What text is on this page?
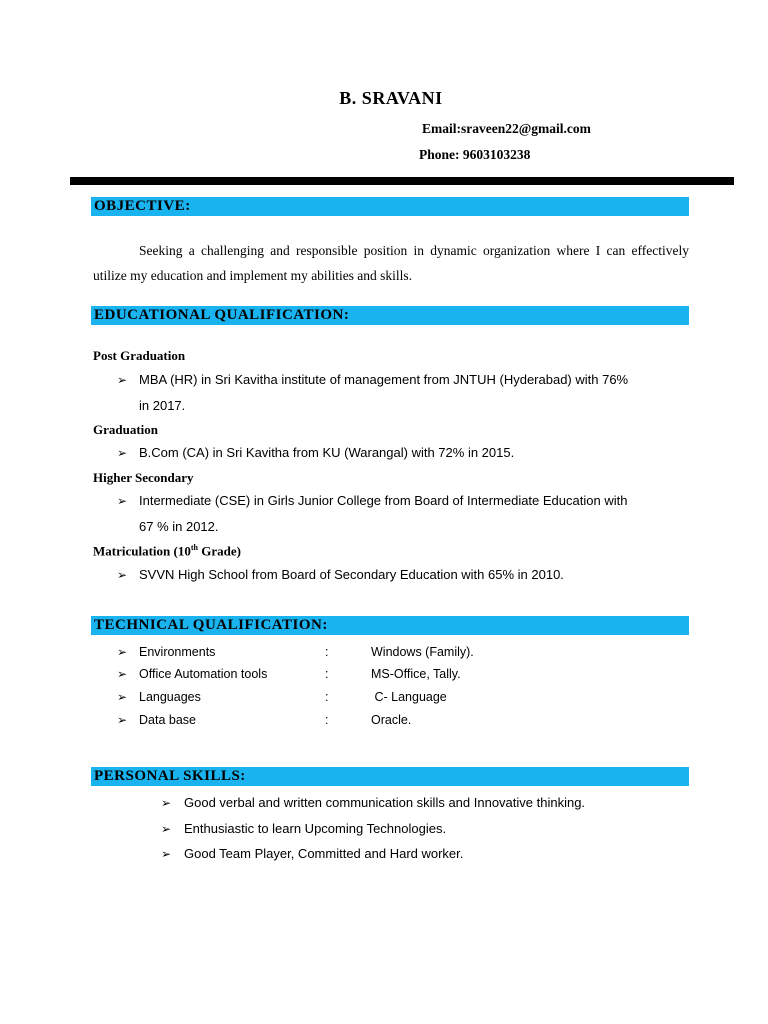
B. SRAVANI
Email:sraveen22@gmail.com
Phone: 9603103238
OBJECTIVE:
Seeking a challenging and responsible position in dynamic organization where I can effectively utilize my education and implement my abilities and skills.
EDUCATIONAL QUALIFICATION:
Post Graduation
➢ MBA (HR) in Sri Kavitha institute of management from JNTUH (Hyderabad) with 76%
in 2017.
Graduation
➢ B.Com (CA) in Sri Kavitha from KU (Warangal) with 72% in 2015.
Higher Secondary
➢ Intermediate (CSE) in Girls Junior College from Board of Intermediate Education with
67 % in 2012.
Matriculation (10th Grade)
➢ SVVN High School from Board of Secondary Education with 65% in 2010.
TECHNICAL QUALIFICATION:
➢ Environments	:	Windows (Family).
➢ Office Automation tools	:	MS-Office, Tally.
➢ Languages	:	C- Language
➢ Data base	:	Oracle.
PERSONAL SKILLS:
➢ Good verbal and written communication skills and Innovative thinking.
➢ Enthusiastic to learn Upcoming Technologies.
➢ Good Team Player, Committed and Hard worker.
